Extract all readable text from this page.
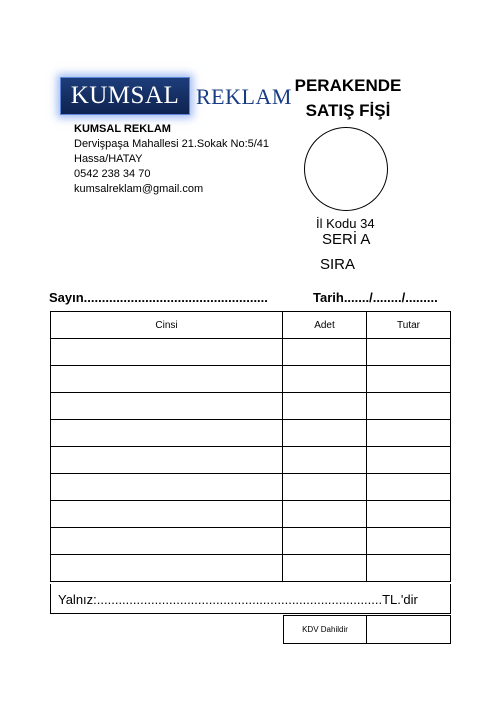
KUMSAL REKLAM
KUMSAL REKLAM
Dervişpaşa Mahallesi 21.Sokak No:5/41
Hassa/HATAY
0542 238 34 70
kumsalreklam@gmail.com
PERAKENDE
SATIŞ FİŞİ
İl Kodu 34
SERİ A
SIRA
Sayın...................................................	Tarih......./......../.........
Cinsi	Adet	Tutar

Yalnız:...............................................................................TL.'dir
KDV Dahildir
